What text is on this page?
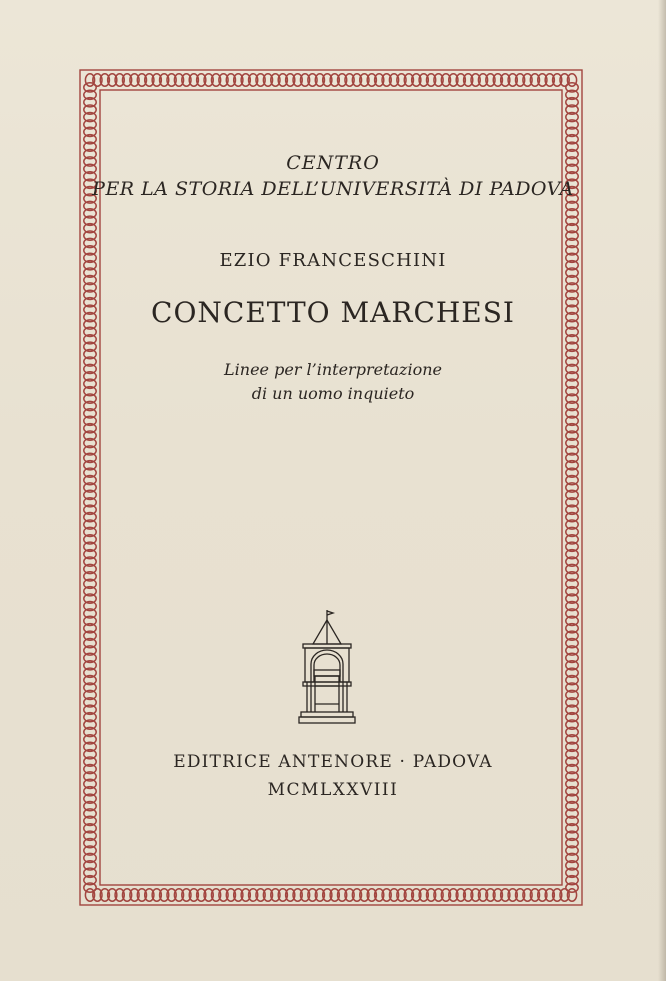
CENTRO
PER LA STORIA DELL’UNIVERSITÀ DI PADOVA
EZIO FRANCESCHINI
CONCETTO MARCHESI
Linee per l’interpretazione
di un uomo inquieto
EDITRICE ANTENORE · PADOVA
MCMLXXVIII
